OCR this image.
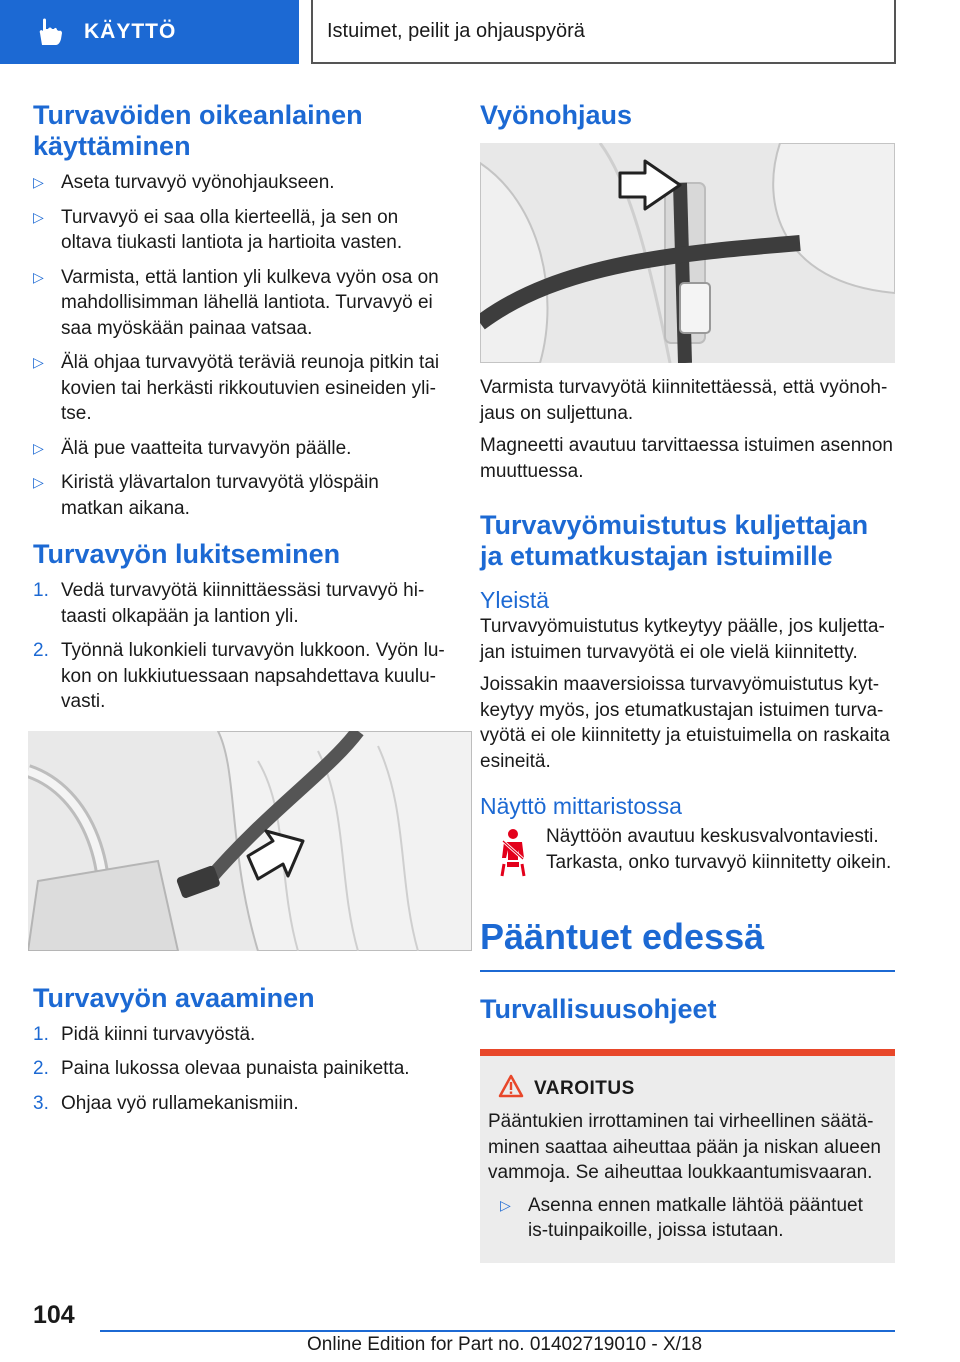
KÄYTTÖ	Istuimet, peilit ja ohjauspyörä
Turvavöiden oikeanlainen käyttäminen
▷ Aseta turvavyö vyönohjaukseen.
▷ Turvavyö ei saa olla kierteellä, ja sen on oltava tiukasti lantiota ja hartioita vasten.
▷ Varmista, että lantion yli kulkeva vyön osa on mahdollisimman lähellä lantiota. Turvavyö ei saa myöskään painaa vatsaa.
▷ Älä ohjaa turvavyötä teräviä reunoja pitkin tai kovien tai herkästi rikkoutuvien esineiden yli-tse.
▷ Älä pue vaatteita turvavyön päälle.
▷ Kiristä ylävartalon turvavyötä ylöspäin matkan aikana.
Turvavyön lukitseminen
1. Vedä turvavyötä kiinnittäessäsi turvavyö hi-taasti olkapään ja lantion yli.
2. Työnnä lukonkieli turvavyön lukkoon. Vyön lu-kon on lukkiutuessaan napsahdettava kuulu-vasti.
Turvavyön avaaminen
1. Pidä kiinni turvavyöstä.
2. Paina lukossa olevaa punaista painiketta.
3. Ohjaa vyö rullamekanismiin.
Vyönohjaus

Varmista turvavyötä kiinnitettäessä, että vyönoh-jaus on suljettuna.

Magneetti avautuu tarvittaessa istuimen asennon muuttuessa.

Turvavyömuistutus kuljettajan ja etumatkustajan istuimille
Yleistä

Turvavyömuistutus kytkeytyy päälle, jos kuljetta-jan istuimen turvavyötä ei ole vielä kiinnitetty.

Joissakin maaversioissa turvavyömuistutus kyt-keytyy myös, jos etumatkustajan istuimen turva-vyötä ei ole kiinnitetty ja etuistuimella on raskaita esineitä.

Näyttö mittaristossa

Näyttöön avautuu keskusvalvontaviesti. Tarkasta, onko turvavyö kiinnitetty oikein.

Pääntuet edessä
Turvallisuusohjeet
VAROITUS

Pääntukien irrottaminen tai virheellinen säätä-minen saattaa aiheuttaa pään ja niskan alueen vammoja. Se aiheuttaa loukkaantumisvaaran.

▷ Asenna ennen matkalle lähtöä pääntuet is-tuinpaikoille, joissa istutaan.
104
Online Edition for Part no. 01402719010 - X/18
